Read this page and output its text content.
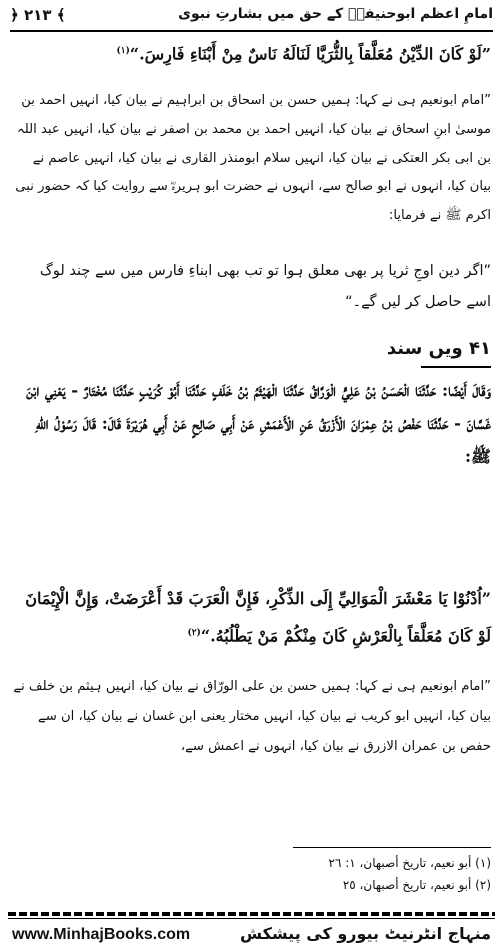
﴿ ۲۱۳ ﴾	امامِ اعظم ابوحنیفہؓ کے حق میں بشارتِ نبوی
”لَوْ كَانَ الدِّيْنُ مُعَلَّقاً بِالثُّرَيَّا لَنَالَهُ نَاسٌ مِنْ أَبْنَاءِ فَارِسَ.“$^{(۱)}$
”امام ابونعیم ہی نے کہا: ہمیں حسن بن اسحاق بن ابراہیم نے بیان کیا، انہیں احمد بن موسیٰ ابنِ اسحاق نے بیان کیا، انہیں احمد بن محمد بن اصفر نے بیان کیا، انہیں عبد اللہ بن ابی بکر العتکی نے بیان کیا، انہیں سلام ابومنذر القاری نے بیان کیا، انہیں عاصم نے بیان کیا، انہوں نے ابو صالح سے، انہوں نے حضرت ابو ہریرہؓ سے روایت کیا کہ حضور نبی اکرم ﷺ نے فرمایا:
”اگر دین اوجِ ثریا پر بھی معلق ہوا تو تب بھی ابناءِ فارس میں سے چند لوگ اسے حاصل کر لیں گے۔“
۴۱ ویں سند
وَقَالَ أَيْضًا: حَدَّثَنَا الْحَسَنُ بْنُ عَلِيٍّ الْوَرَّاقُ حَدَّثَنَا الْهَيْثَمُ بْنُ خَلَفٍ حَدَّثَنَا أَبُوْ كُرَيْبٍ حَدَّثَنَا مُخْتَارٌ - يَعْنِي ابْنَ غَسَّانَ - حَدَّثَنَا حَفْصُ بْنُ عِمْرَانَ الْأَزْرَقُ عَنِ الْأَعْمَشِ عَنْ أَبِي صَالِحٍ عَنْ أَبِي هُرَيْرَةَ قَالَ: قَالَ رَسُوْلُ اللهِ ﷺ:
”اُدْنُوْا يَا مَعْشَرَ الْمَوَالِيِّ إِلَى الذِّكْرِ، فَإِنَّ الْعَرَبَ قَدْ أَعْرَضَتْ، وَإِنَّ الْإِيْمَانَ لَوْ كَانَ مُعَلَّقاً بِالْعَرْشِ كَانَ مِنْكُمْ مَنْ يَطْلُبُهُ.“$^{(۲)}$
”امام ابونعیم ہی نے کہا: ہمیں حسن بن علی الورّاق نے بیان کیا، انہیں ہیثم بن خلف نے بیان کیا، انہیں ابو کریب نے بیان کیا، انہیں مختار یعنی ابن غسان نے بیان کیا، ان سے حفص بن عمران الازرق نے بیان کیا، انہوں نے اعمش سے،
(١) أبو نعيم، تاريخ أصبهان، ١: ٢٦
(٢) أبو نعيم، تاريخ أصبهان، ٢٥
www.MinhajBooks.com	منہاج انٹرنیٹ بیورو کی پیشکش
